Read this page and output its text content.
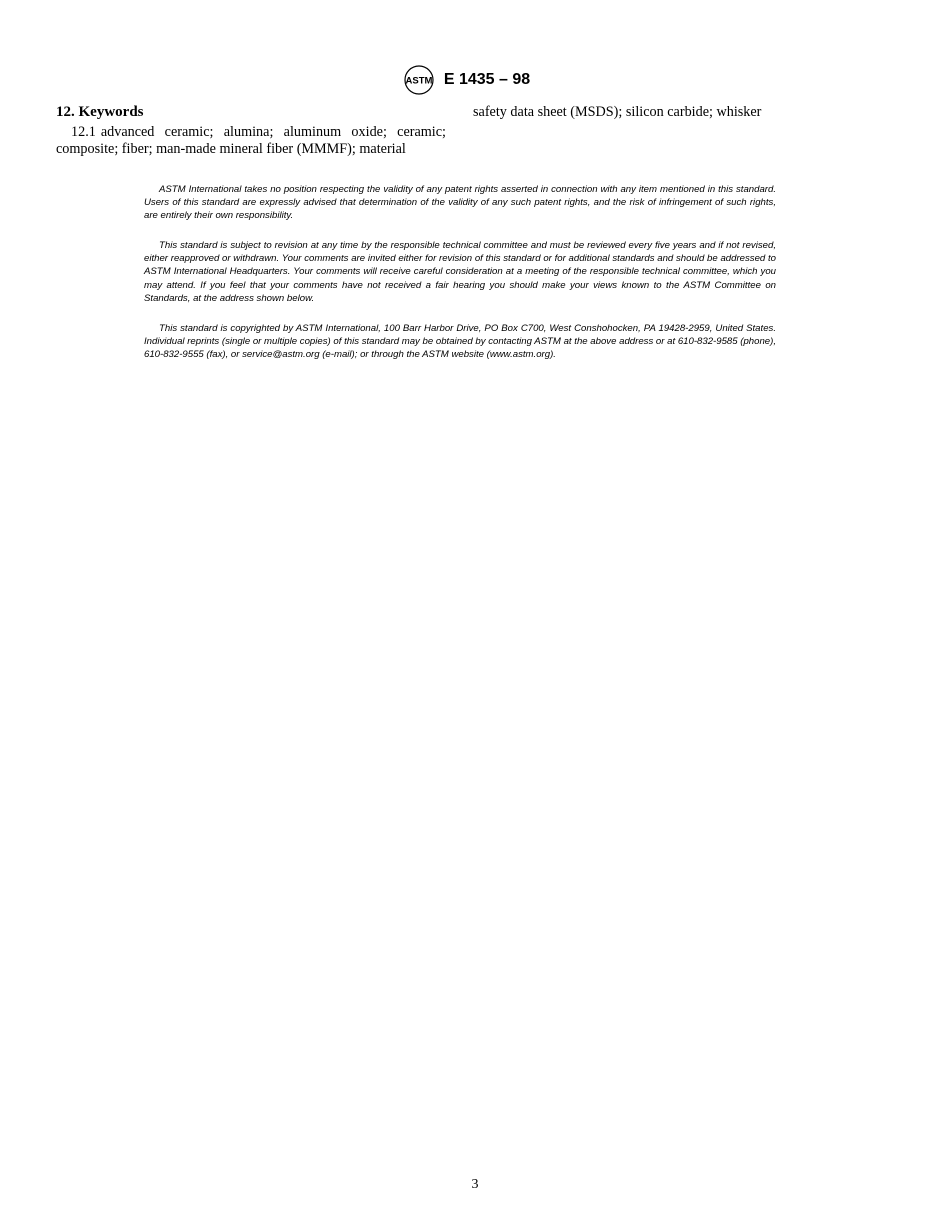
ASTM E 1435 – 98
12. Keywords

12.1 advanced ceramic; alumina; aluminum oxide; ceramic; composite; fiber; man-made mineral fiber (MMMF); material

safety data sheet (MSDS); silicon carbide; whisker

ASTM International takes no position respecting the validity of any patent rights asserted in connection with any item mentioned in this standard. Users of this standard are expressly advised that determination of the validity of any such patent rights, and the risk of infringement of such rights, are entirely their own responsibility.

This standard is subject to revision at any time by the responsible technical committee and must be reviewed every five years and if not revised, either reapproved or withdrawn. Your comments are invited either for revision of this standard or for additional standards and should be addressed to ASTM International Headquarters. Your comments will receive careful consideration at a meeting of the responsible technical committee, which you may attend. If you feel that your comments have not received a fair hearing you should make your views known to the ASTM Committee on Standards, at the address shown below.

This standard is copyrighted by ASTM International, 100 Barr Harbor Drive, PO Box C700, West Conshohocken, PA 19428-2959, United States. Individual reprints (single or multiple copies) of this standard may be obtained by contacting ASTM at the above address or at 610-832-9585 (phone), 610-832-9555 (fax), or service@astm.org (e-mail); or through the ASTM website (www.astm.org).

3
